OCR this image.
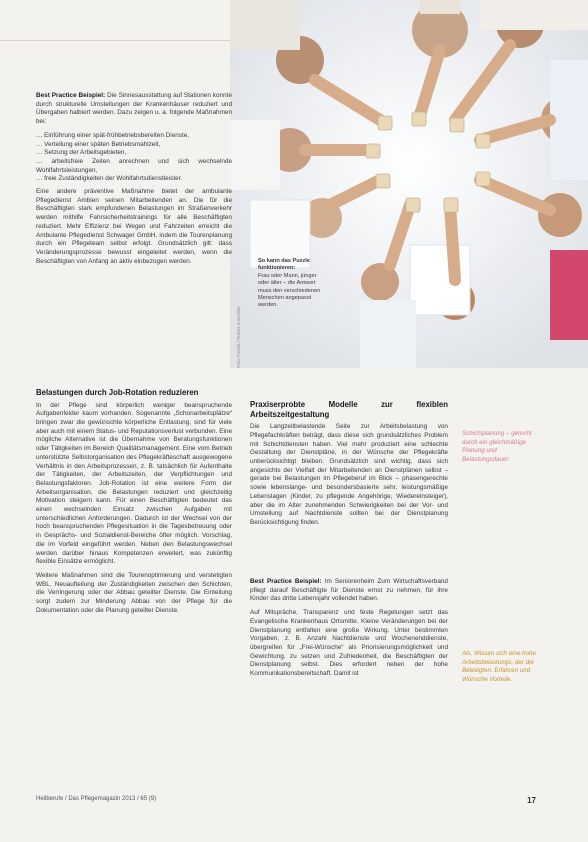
Foto: Fotolia / Robert Kneschke
So kann das Puzzle funktionieren:
Frau oder Mann, jünger oder älter – die Antwort muss den verschiedenen Menschen angepasst werden.

Best Practice Beispiel: Die Sinnesausstattung auf Stationen konnte durch strukturelle Umstellungen der Krankenhäuser reduziert und Übergaben halbiert werden. Dazu zeigen u. a. folgende Maßnahmen bei:

… Einführung einer spät-frühbetriebsbereiten Dienste,
… Verteilung einer späten Betriebsmahlzeit,
… Setzung der Arbeitsgebieten,
… arbeitsfreie Zeiten anrechnen und sich wechselnde Wohlfahrtsleistungen,
… freie Zuständigkeiten der Wohlfahrtsdienstleister.

Eine andere präventive Maßnahme bietet der ambulante Pflegedienst Ambien seinen Mitarbeitenden an. Die für die Beschäftigten stark empfundenen Belastungen im Straßenverkehr werden mithilfe Fahrsicherheitstrainings für alle Beschäftigten reduziert. Mehr Effizienz bei Wegen und Fahrzeiten erreicht die Ambulante Pflegedienst Schwager GmbH, indem die Tourenplanung durch ein Pflegeteam selbst erfolgt. Grundsätzlich gilt: dass Veränderungsprozesse bewusst eingeleitet werden, wenn die Beschäftigten von Anfang an aktiv einbezogen werden.

Belastungen durch Job-Rotation reduzieren

In der Pflege sind körperlich weniger beanspruchende Aufgabenfelder kaum vorhanden. Sogenannte „Schonarbeitsplätze“ bringen zwar die gewünschte körperliche Entlastung, sind für viele aber auch mit einem Status- und Reputationsverlust verbunden. Eine mögliche Alternative ist die Übernahme von Beratungsfunktionen oder Tätigkeiten im Bereich Qualitätsmanagement. Eine vom Betrieb unterstützte Selbstorganisation des Pflegekräfteschaft ausgewogene Verhältnis in den Arbeitsprozessen, z. B. tatsächlich für Aufenthalte der Tätigkeiten, der Arbeitszeiten, der Verpflichtungen und Belastungsfaktoren. Job-Rotation ist eine weitere Form der Arbeitsorganisation, die Belastungen reduziert und gleichzeitig Motivation steigern kann. Für einen Beschäftigten bedeutet das einen wechselnden Einsatz zwischen Aufgaben mit unterschiedlichen Anforderungen. Dadurch ist der Wechsel von der hoch beanspruchenden Pflegesituation in die Tagesbetreuung oder in Gesprächs- und Sozialdienst-Bereiche öfter möglich. Vorschlag, die im Vorfeld eingeführt werden. Neben den Belastungswechsel werden darüber hinaus Kompetenzen erweitert, was zukünftig flexible Einsätze ermöglicht.

Weitere Maßnahmen sind die Tourenoptimierung und verstetigten WBL. Neuaufteilung der Zuständigkeiten zwischen den Schichten, die Verringerung oder der Abbau geteilter Dienste. Die Einteilung sorgt zudem zur Minderung Abbau von der Pflege für die Dokumentation oder die Planung geteilter Dienste.

Praxiserprobte Modelle zur flexiblen Arbeitszeitgestaltung

Die Langzeitbelastende Seite zur Arbeitsbelastung von Pflegefachkräften beträgt, dass diese sich grundsätzliches Problem mit Schichtdiensten haben. Viel mehr produziert eine schlechte Gestaltung der Dienstpläne, in der Wünsche der Pflegekräfte unberücksichtigt bleiben. Grundsätzlich sind wichtig, dass sich angesichts der Vielfalt der Mitarbeitenden an Dienstplänen selbst – gerade bei Belastungen im Pflegeberuf im Blick – phasengerechte sowie lebenslange- und besondersbasierte sehr, leistungsmäßige Lebenslagen (Kinder, zu pflegende Angehörige, Wiedereinsteiger), aber die im Alter zunehmenden Schwierigkeiten bei der Vor- und Umstellung auf Nachtdienste sollten bei der Dienstplanung Berücksichtigung finden.

Best Practice Beispiel: Im Seniorenheim Zum Wirtschaftsverband pflegt darauf Beschäftigte für Dienste ernst zu nehmen, für ihre Kinder das dritte Lebensjahr vollendet haben.

Auf Mitspräche, Transparenz und feste Regelungen setzt das Evangelische Krankenhaus Ortsmitte. Kleine Veränderungen bei der Dienstplanung entfalten eine große Wirkung. Unter bestimmten Vorgaben, z. B. Anzahl Nachtdienste und Wochenenddienste, übergreifen für „Frei-Wünsche“ als Priorisierungsmöglichkeit und Gewichtung, zu setzen und Zufriedenheit, die Beschäftigten der Dienstplanung selbst. Dies erfordert neben der hohe Kommunikationsbereitschaft. Damit ist

Schichtplanung – gerecht durch ein gleichmäßige Planung und Belastungsdauer.
Als, Wissen sich eine hohe Arbeitsbelastungs- der die Beteiligten. Erfahren und Wünsche Vorteile.
Heilberufe / Das Pflegemagazin 2013 / 65 (9)	17
